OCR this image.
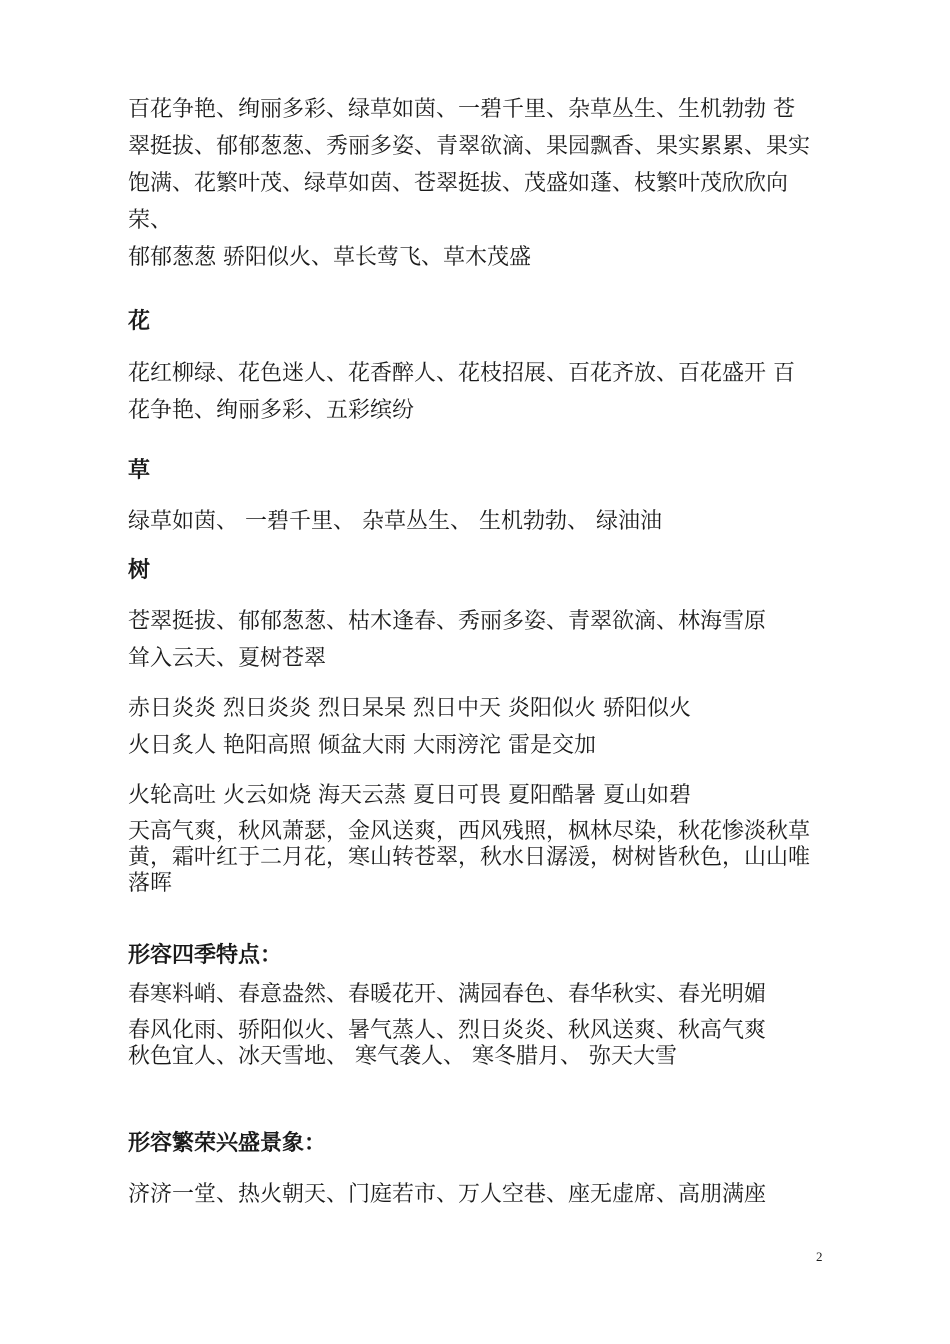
百花争艳、绚丽多彩、绿草如茵、一碧千里、杂草丛生、生机勃勃 苍
翠挺拔、郁郁葱葱、秀丽多姿、青翠欲滴、果园飘香、果实累累、果实
饱满、花繁叶茂、绿草如茵、苍翠挺拔、茂盛如蓬、枝繁叶茂欣欣向荣、
郁郁葱葱 骄阳似火、草长莺飞、草木茂盛
花
花红柳绿、花色迷人、花香醉人、花枝招展、百花齐放、百花盛开 百
花争艳、绚丽多彩、五彩缤纷
草
绿草如茵、 一碧千里、 杂草丛生、 生机勃勃、 绿油油
树
苍翠挺拔、郁郁葱葱、枯木逢春、秀丽多姿、青翠欲滴、林海雪原
耸入云天、夏树苍翠
赤日炎炎 烈日炎炎 烈日杲杲 烈日中天 炎阳似火 骄阳似火
火日炙人 艳阳高照 倾盆大雨 大雨滂沱 雷是交加
火轮高吐 火云如烧 海天云蒸 夏日可畏 夏阳酷暑 夏山如碧
天高气爽，秋风萧瑟，金风送爽，西风残照，枫林尽染，秋花惨淡秋草
黄，霜叶红于二月花，寒山转苍翠，秋水日潺湲，树树皆秋色，山山唯
落晖
形容四季特点：
春寒料峭、春意盎然、春暖花开、满园春色、春华秋实、春光明媚
春风化雨、骄阳似火、暑气蒸人、烈日炎炎、秋风送爽、秋高气爽
秋色宜人、冰天雪地、 寒气袭人、 寒冬腊月、 弥天大雪
形容繁荣兴盛景象：
济济一堂、热火朝天、门庭若市、万人空巷、座无虚席、高朋满座
2
